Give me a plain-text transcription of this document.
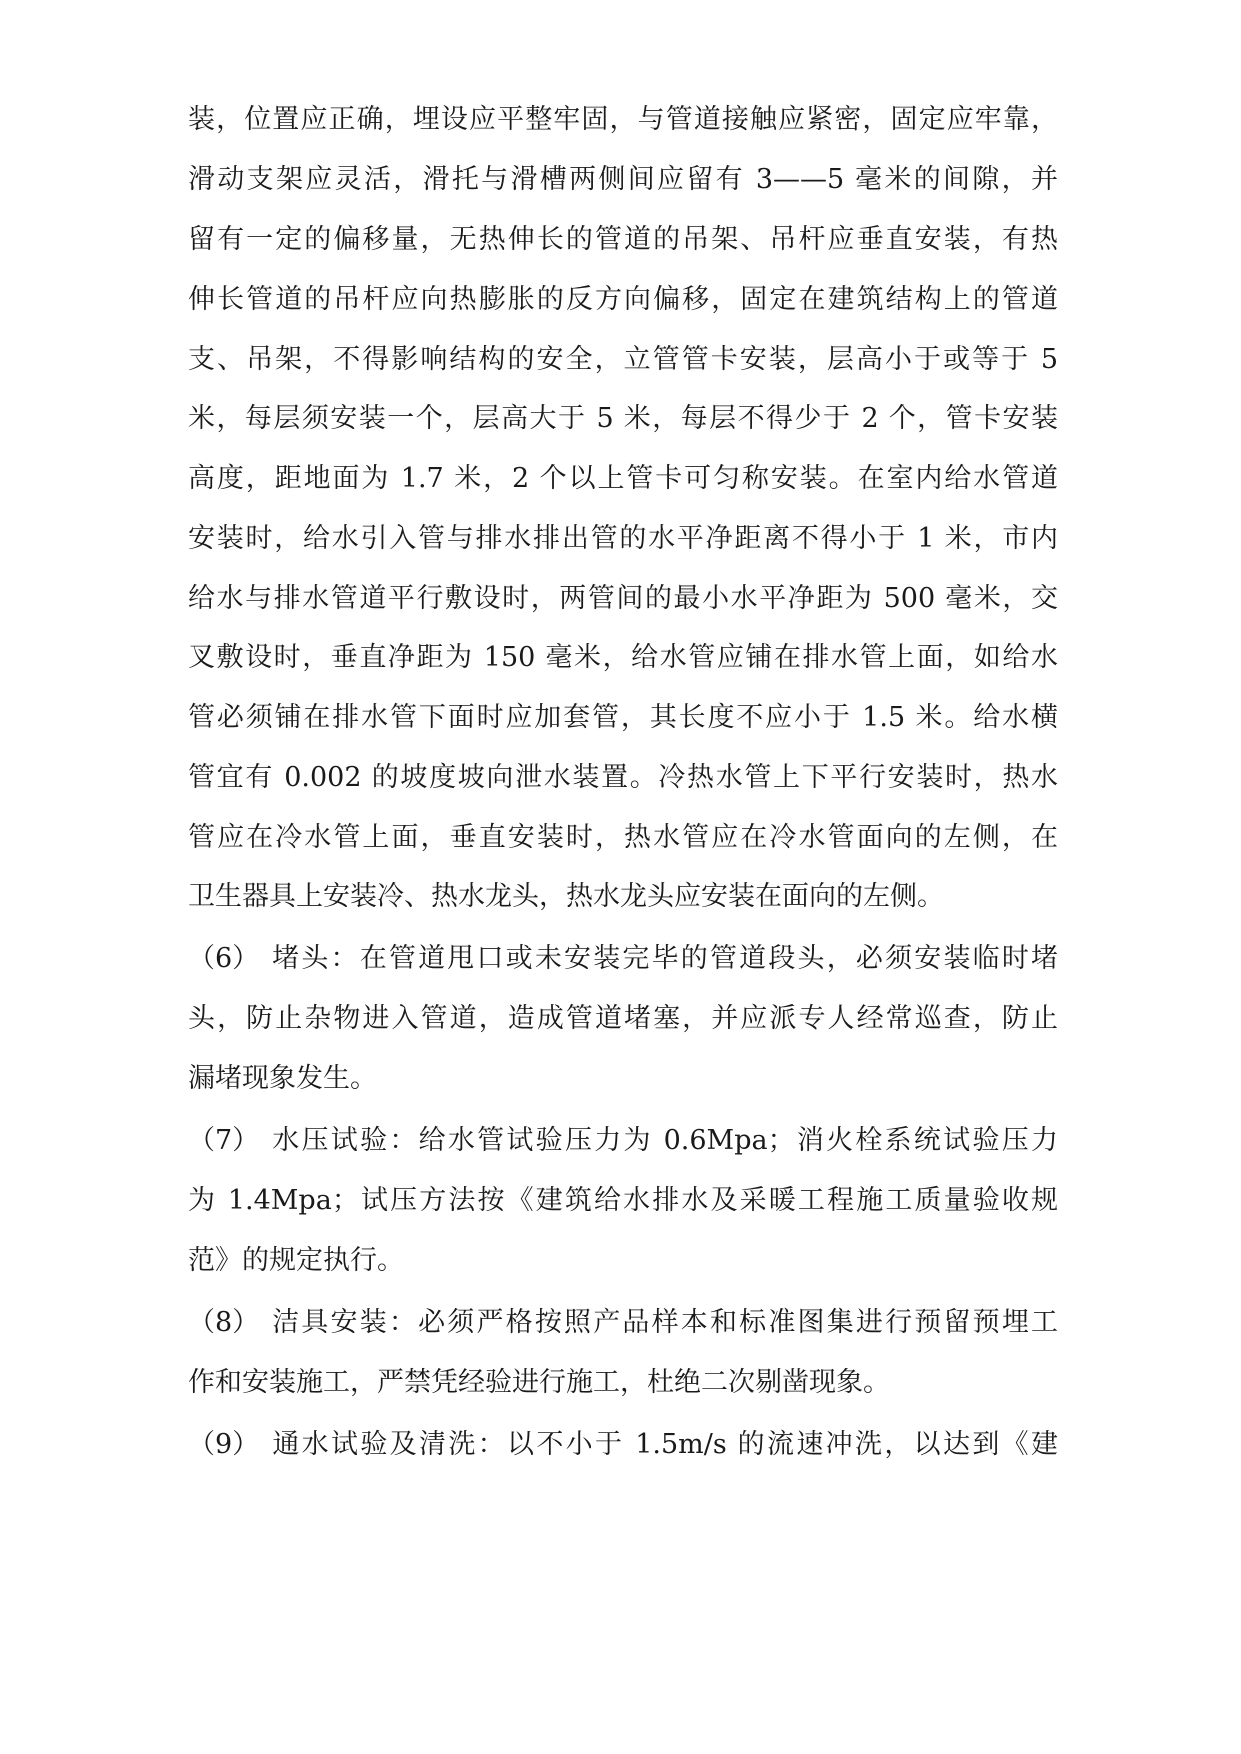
装，位置应正确，埋设应平整牢固，与管道接触应紧密，固定应牢靠，
滑动支架应灵活，滑托与滑槽两侧间应留有 3——5 毫米的间隙，并
留有一定的偏移量，无热伸长的管道的吊架、吊杆应垂直安装，有热
伸长管道的吊杆应向热膨胀的反方向偏移，固定在建筑结构上的管道
支、吊架，不得影响结构的安全，立管管卡安装，层高小于或等于 5
米，每层须安装一个，层高大于 5 米，每层不得少于 2 个，管卡安装
高度，距地面为 1.7 米，2 个以上管卡可匀称安装。在室内给水管道
安装时，给水引入管与排水排出管的水平净距离不得小于 1 米，市内
给水与排水管道平行敷设时，两管间的最小水平净距为 500 毫米，交
叉敷设时，垂直净距为 150 毫米，给水管应铺在排水管上面，如给水
管必须铺在排水管下面时应加套管，其长度不应小于 1.5 米。给水横
管宜有 0.002 的坡度坡向泄水装置。冷热水管上下平行安装时，热水
管应在冷水管上面，垂直安装时，热水管应在冷水管面向的左侧，在
卫生器具上安装冷、热水龙头，热水龙头应安装在面向的左侧。
（6） 堵头：在管道甩口或未安装完毕的管道段头，必须安装临时堵
头，防止杂物进入管道，造成管道堵塞，并应派专人经常巡查，防止
漏堵现象发生。
（7） 水压试验：给水管试验压力为 0.6Mpa；消火栓系统试验压力
为 1.4Mpa；试压方法按《建筑给水排水及采暖工程施工质量验收规
范》的规定执行。
（8） 洁具安装：必须严格按照产品样本和标准图集进行预留预埋工
作和安装施工，严禁凭经验进行施工，杜绝二次剔凿现象。
（9） 通水试验及清洗：以不小于 1.5m/s 的流速冲洗，以达到《建
